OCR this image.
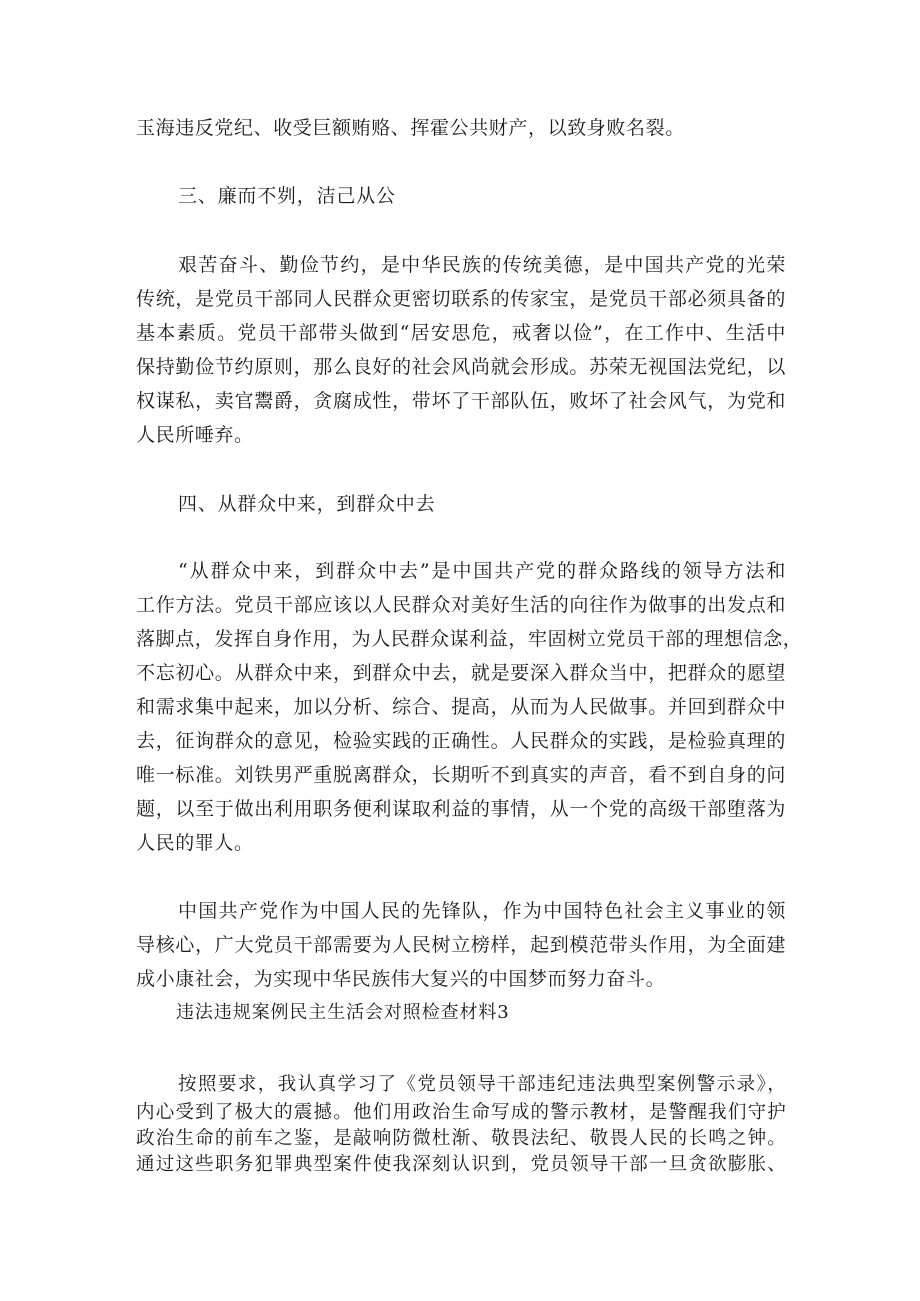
玉海违反党纪、收受巨额贿赂、挥霍公共财产，以致身败名裂。
三、廉而不刿，洁己从公
艰苦奋斗、勤俭节约，是中华民族的传统美德，是中国共产党的光荣
传统，是党员干部同人民群众更密切联系的传家宝，是党员干部必须具备的
基本素质。党员干部带头做到“居安思危，戒奢以俭”，在工作中、生活中
保持勤俭节约原则，那么良好的社会风尚就会形成。苏荣无视国法党纪，以
权谋私，卖官鬻爵，贪腐成性，带坏了干部队伍，败坏了社会风气，为党和
人民所唾弃。
四、从群众中来，到群众中去
“从群众中来，到群众中去”是中国共产党的群众路线的领导方法和
工作方法。党员干部应该以人民群众对美好生活的向往作为做事的出发点和
落脚点，发挥自身作用，为人民群众谋利益，牢固树立党员干部的理想信念，
不忘初心。从群众中来，到群众中去，就是要深入群众当中，把群众的愿望
和需求集中起来，加以分析、综合、提高，从而为人民做事。并回到群众中
去，征询群众的意见，检验实践的正确性。人民群众的实践，是检验真理的
唯一标准。刘铁男严重脱离群众，长期听不到真实的声音，看不到自身的问
题，以至于做出利用职务便利谋取利益的事情，从一个党的高级干部堕落为
人民的罪人。
中国共产党作为中国人民的先锋队，作为中国特色社会主义事业的领
导核心，广大党员干部需要为人民树立榜样，起到模范带头作用，为全面建
成小康社会，为实现中华民族伟大复兴的中国梦而努力奋斗。
违法违规案例民主生活会对照检查材料3
按照要求，我认真学习了《党员领导干部违纪违法典型案例警示录》，
内心受到了极大的震撼。他们用政治生命写成的警示教材，是警醒我们守护
政治生命的前车之鉴，是敲响防微杜渐、敬畏法纪、敬畏人民的长鸣之钟。
通过这些职务犯罪典型案件使我深刻认识到，党员领导干部一旦贪欲膨胀、
